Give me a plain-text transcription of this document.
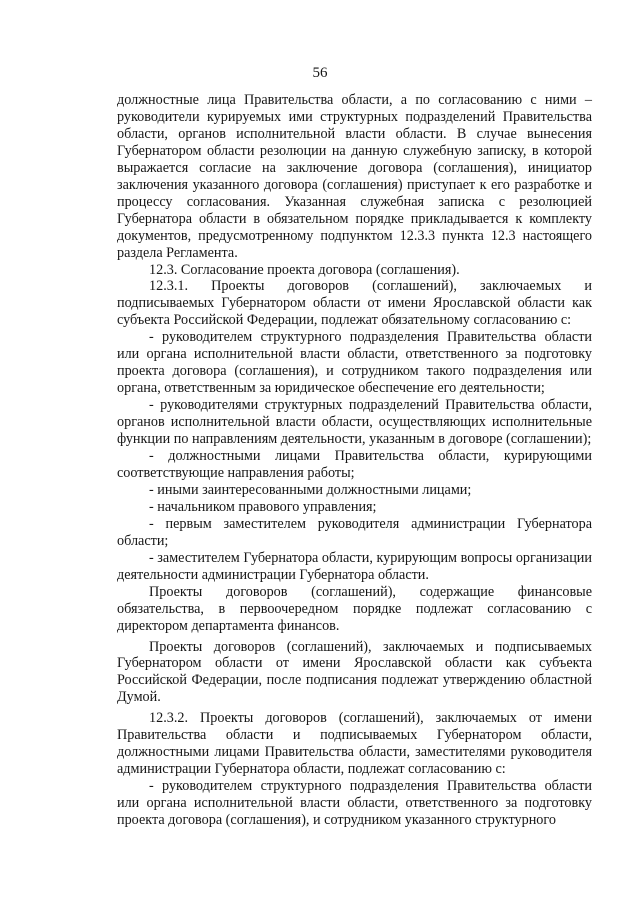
56

должностные лица Правительства области, а по согласованию с ними – руководители курируемых ими структурных подразделений Правительства области, органов исполнительной власти области. В случае вынесения Губернатором области резолюции на данную служебную записку, в которой выражается согласие на заключение договора (соглашения), инициатор заключения указанного договора (соглашения) приступает к его разработке и процессу согласования. Указанная служебная записка с резолюцией Губернатора области в обязательном порядке прикладывается к комплекту документов, предусмотренному подпунктом 12.3.3 пункта 12.3 настоящего раздела Регламента.

12.3. Согласование проекта договора (соглашения).

12.3.1. Проекты договоров (соглашений), заключаемых и подписываемых Губернатором области от имени Ярославской области как субъекта Российской Федерации, подлежат обязательному согласованию с:

- руководителем структурного подразделения Правительства области или органа исполнительной власти области, ответственного за подготовку проекта договора (соглашения), и сотрудником такого подразделения или органа, ответственным за юридическое обеспечение его деятельности;

- руководителями структурных подразделений Правительства области, органов исполнительной власти области, осуществляющих исполнительные функции по направлениям деятельности, указанным в договоре (соглашении);

- должностными лицами Правительства области, курирующими соответствующие направления работы;

- иными заинтересованными должностными лицами;

- начальником правового управления;

- первым заместителем руководителя администрации Губернатора области;

- заместителем Губернатора области, курирующим вопросы организации деятельности администрации Губернатора области.

Проекты договоров (соглашений), содержащие финансовые обязательства, в первоочередном порядке подлежат согласованию с директором департамента финансов.

Проекты договоров (соглашений), заключаемых и подписываемых Губернатором области от имени Ярославской области как субъекта Российской Федерации, после подписания подлежат утверждению областной Думой.

12.3.2. Проекты договоров (соглашений), заключаемых от имени Правительства области и подписываемых Губернатором области, должностными лицами Правительства области, заместителями руководителя администрации Губернатора области, подлежат согласованию с:

- руководителем структурного подразделения Правительства области или органа исполнительной власти области, ответственного за подготовку проекта договора (соглашения), и сотрудником указанного структурного
